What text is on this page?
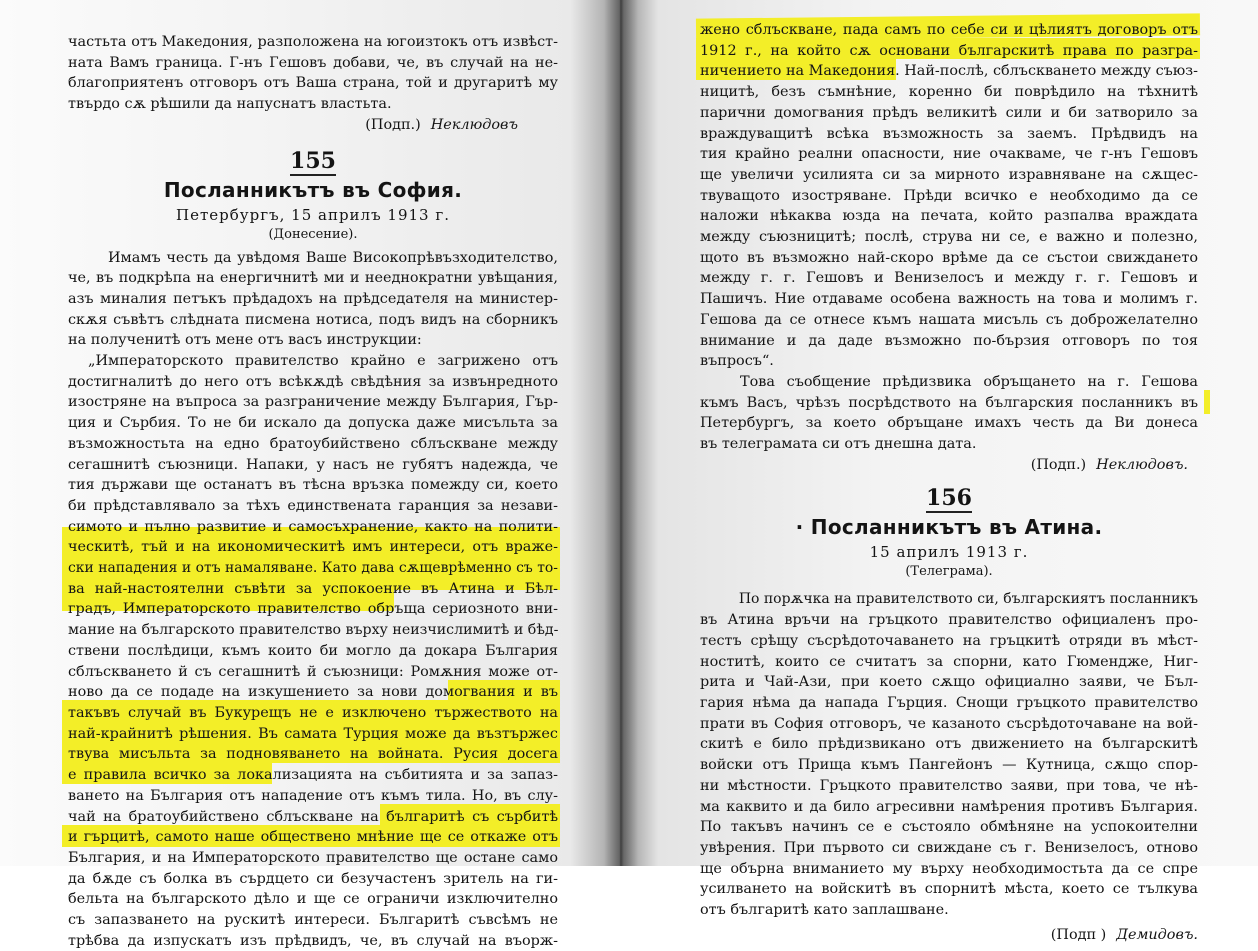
частьта отъ Македония, разположена на югоизтокъ отъ извѣст-
ната Вамъ граница. Г-нъ Гешовъ добави, че, въ случай на не-
благоприятенъ отговоръ отъ Ваша страна, той и другаритѣ му
твърдо сѫ рѣшили да напуснатъ властьта.
(Подп.) Неклюдовъ
155
Посланникътъ въ София.
Петербургъ, 15 априлъ 1913 г.
(Донесение).
Имамъ честь да увѣдомя Ваше Високопрѣвъзходителство,
че, въ подкрѣпа на енергичнитѣ ми и нееднократни увѣщания,
азъ миналия петъкъ прѣдадохъ на прѣдседателя на министер-
скѫя съвѣтъ слѣдната писмена нотиса, подъ видъ на сборникъ
на полученитѣ отъ мене отъ васъ инструкции:
„Императорското правителство крайно е загрижено отъ
достигналитѣ до него отъ всѣкѫдѣ свѣдѣния за извънредното
изостряне на въпроса за разграничение между България, Гър-
ция и Сърбия. То не би искало да допуска даже мисъльта за
възможностьта на едно братоубийствено сблъскване между
сегашнитѣ съюзници. Напаки, у насъ не губятъ надежда, че
тия държави ще останатъ въ тѣсна връзка помежду си, което
би прѣдставлявало за тѣхъ единствената гаранция за незави-
симото и пълно развитие и самосъхранение, както на полити-
ческитѣ, тъй и на икономическитѣ имъ интереси, отъ враже-
ски нападения и отъ намаляване. Като дава сѫщеврѣменно съ то-
ва най-настоятелни съвѣти за успокоение въ Атина и Бѣл-
градъ, Императорското правителство обръща сериозното вни-
мание на българското правителство върху неизчислимитѣ и бѣд-
ствени послѣдици, къмъ които би могло да докара България
сблъскването й съ сегашнитѣ й съюзници: Ромѫния може от-
ново да се подаде на изкушението за нови домогвания и въ
такъвъ случай въ Букурещъ не е изключено тържеството на
най-крайнитѣ рѣшения. Въ самата Турция може да възтържес
твува мисъльта за подновяването на войната. Русия досега
е правила всичко за локализацията на събитията и за запаз-
ването на България отъ нападение отъ къмъ тила. Но, въ слу-
чай на братоубийствено сблъскване на българитѣ съ сърбитѣ
и гърцитѣ, самото наше обществено мнѣние ще се откаже отъ
България, и на Императорското правителство ще остане само
да бѫде съ болка въ сърдцето си безучастенъ зритель на ги-
бельта на българското дѣло и ще се ограничи изключително
съ запазването на рускитѣ интереси. Българитѣ съвсѣмъ не
трѣбва да изпускатъ изъ прѣдвидъ, че, въ случай на въорж-
жено сблъскване, пада самъ по себе си и цѣлиятъ договоръ отъ
1912 г., на който сѫ основани българскитѣ права по разгра-
ничението на Македония. Най-послѣ, сблъскването между съюз-
ницитѣ, безъ съмнѣние, коренно би поврѣдило на тѣхнитѣ
парични домогвания прѣдъ великитѣ сили и би затворило за
враждуващитѣ всѣка възможность за заемъ. Прѣдвидъ на
тия крайно реални опасности, ние очакваме, че г-нъ Гешовъ
ще увеличи усилията си за мирното изравняване на сѫщес-
твуващото изостряване. Прѣди всичко е необходимо да се
наложи нѣкаква юзда на печата, който разпалва враждата
между съюзницитѣ; послѣ, струва ни се, е важно и полезно,
щото въ възможно най-скоро врѣме да се състои свиждането
между г. г. Гешовъ и Венизелосъ и между г. г. Гешовъ и
Пашичъ. Ние отдаваме особена важность на това и молимъ г.
Гешова да се отнесе къмъ нашата мисъль съ доброжелателно
внимание и да даде възможно по-бързия отговоръ по тоя
въпросъ“.
Това съобщение прѣдизвика обръщането на г. Гешова
къмъ Васъ, чрѣзъ посрѣдството на българския посланникъ въ
Петербургъ, за което обръщане имахъ честь да Ви донеса
въ телеграмата си отъ днешна дата.
(Подп.) Неклюдовъ.
156
· Посланникътъ въ Атина.
15 априлъ 1913 г.
(Телеграма).
По порѫчка на правителството си, българскиятъ посланникъ
въ Атина връчи на гръцкото правителство официаленъ про-
тестъ срѣщу съсрѣдоточаването на гръцкитѣ отряди въ мѣст-
ноститѣ, които се считатъ за спорни, като Гюмендже, Ниг-
рита и Чай-Ази, при което сѫщо официално заяви, че Бъл-
гария нѣма да напада Гърция. Снощи гръцкото правителство
прати въ София отговоръ, че казаното съсрѣдоточаване на вой-
скитѣ е било прѣдизвикано отъ движението на българскитѣ
войски отъ Прища къмъ Пангейонъ — Кутница, сѫщо спор-
ни мѣстности. Гръцкото правителство заяви, при това, че нѣ-
ма каквито и да било агресивни намѣрения противъ България.
По такъвъ начинъ се е състояло обмѣняне на успокоителни
увѣрения. При първото си свиждане съ г. Венизелосъ, отново
ще обърна вниманието му върху необходимостьта да се спре
усилването на войскитѣ въ спорнитѣ мѣста, което се тълкува
отъ българитѣ като заплашване.
(Подп ) Демидовъ.
